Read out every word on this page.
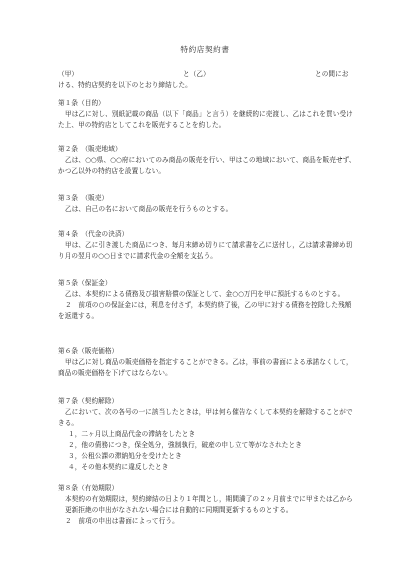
特約店契約書
（甲）	と（乙）	との間にお

ける、特約店契約を以下のとおり締結した。

第１条（目的）

甲は乙に対し、別紙記載の商品（以下「商品」と言う）を継続的に売渡し、乙はこれを買い受けた上、甲の特約店としてこれを販売することを約した。

第２条　（販売地域）

乙は、○○県、○○府においてのみ商品の販売を行い、甲はこの地域において、商品を販売せず、かつ乙以外の特約店を設置しない。

第３条　（販売）

乙は、自己の名において商品の販売を行うものとする。

第４条　（代金の決済）

甲は、乙に引き渡した商品につき、毎月末締め切りにて請求書を乙に送付し，乙は請求書締め切り月の翌月の○○日までに請求代金の全額を支払う。

第５条（保証金）

乙は、本契約による債務及び損害賠償の保証として、金○○万円を甲に預託するものとする。

２　前項の○の保証金には，利息を付さず，本契約終了後，乙の甲に対する債務を控除した残額を返還する。

第６条（販売価格）

甲は乙に対し商品の販売価格を指定することができる。乙は，事前の書面による承諾なくして，商品の販売価格を下げてはならない。

第７条（契約解除）

乙において、次の各号の一に該当したときは，甲は何ら催告なくして本契約を解除することができる。

１，二ヶ月以上商品代金の滞納をしたとき

２，他の債務につき，保全処分，強制執行，破産の申し立て等がなされたとき

３，公租公課の滞納処分を受けたとき

４，その他本契約に違反したとき

第８条（有効期限）

本契約の有効期限は，契約締結の日より１年間とし，期間満了の２ヶ月前までに甲または乙から更新拒絶の申出がなされない場合には自動的に同期間更新するものとする。

２　前項の申出は書面によって行う。
